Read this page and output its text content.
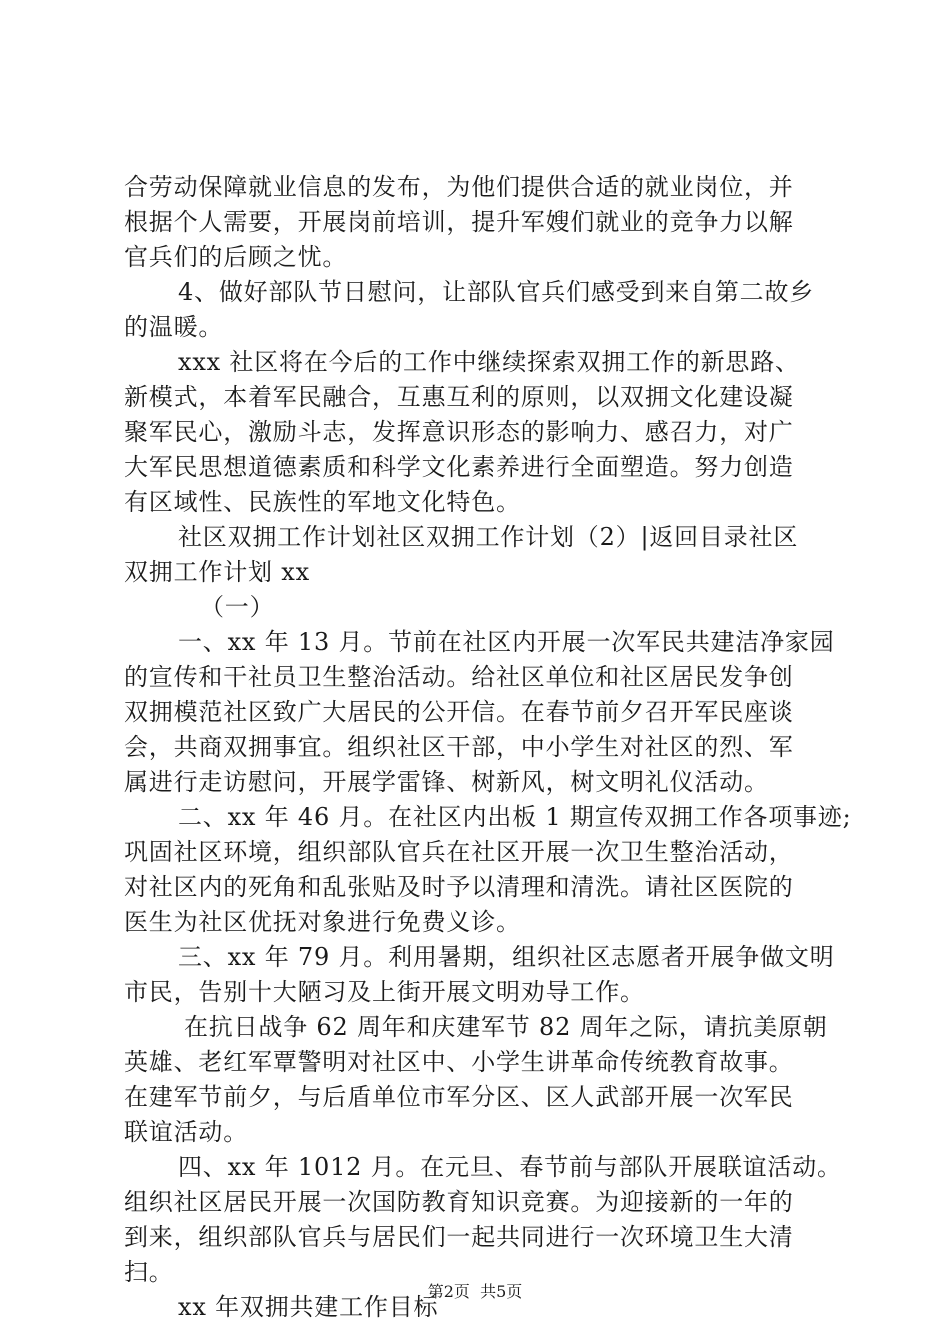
合劳动保障就业信息的发布，为他们提供合适的就业岗位，并
根据个人需要，开展岗前培训，提升军嫂们就业的竞争力以解
官兵们的后顾之忧。
4、做好部队节日慰问，让部队官兵们感受到来自第二故乡
的温暖。
xxx 社区将在今后的工作中继续探索双拥工作的新思路、
新模式，本着军民融合，互惠互利的原则，以双拥文化建设凝
聚军民心，激励斗志，发挥意识形态的影响力、感召力，对广
大军民思想道德素质和科学文化素养进行全面塑造。努力创造
有区域性、民族性的军地文化特色。
社区双拥工作计划社区双拥工作计划（2）|返回目录社区
双拥工作计划 xx
（一）
一、xx 年 13 月。节前在社区内开展一次军民共建洁净家园
的宣传和干社员卫生整治活动。给社区单位和社区居民发争创
双拥模范社区致广大居民的公开信。在春节前夕召开军民座谈
会，共商双拥事宜。组织社区干部，中小学生对社区的烈、军
属进行走访慰问，开展学雷锋、树新风，树文明礼仪活动。
二、xx 年 46 月。在社区内出板 1 期宣传双拥工作各项事迹;
巩固社区环境，组织部队官兵在社区开展一次卫生整治活动，
对社区内的死角和乱张贴及时予以清理和清洗。请社区医院的
医生为社区优抚对象进行免费义诊。
三、xx 年 79 月。利用暑期，组织社区志愿者开展争做文明
市民，告别十大陋习及上街开展文明劝导工作。
在抗日战争 62 周年和庆建军节 82 周年之际，请抗美原朝
英雄、老红军覃警明对社区中、小学生讲革命传统教育故事。
在建军节前夕，与后盾单位市军分区、区人武部开展一次军民
联谊活动。
四、xx 年 1012 月。在元旦、春节前与部队开展联谊活动。
组织社区居民开展一次国防教育知识竞赛。为迎接新的一年的
到来，组织部队官兵与居民们一起共同进行一次环境卫生大清
扫。
xx 年双拥共建工作目标
第2页  共5页
